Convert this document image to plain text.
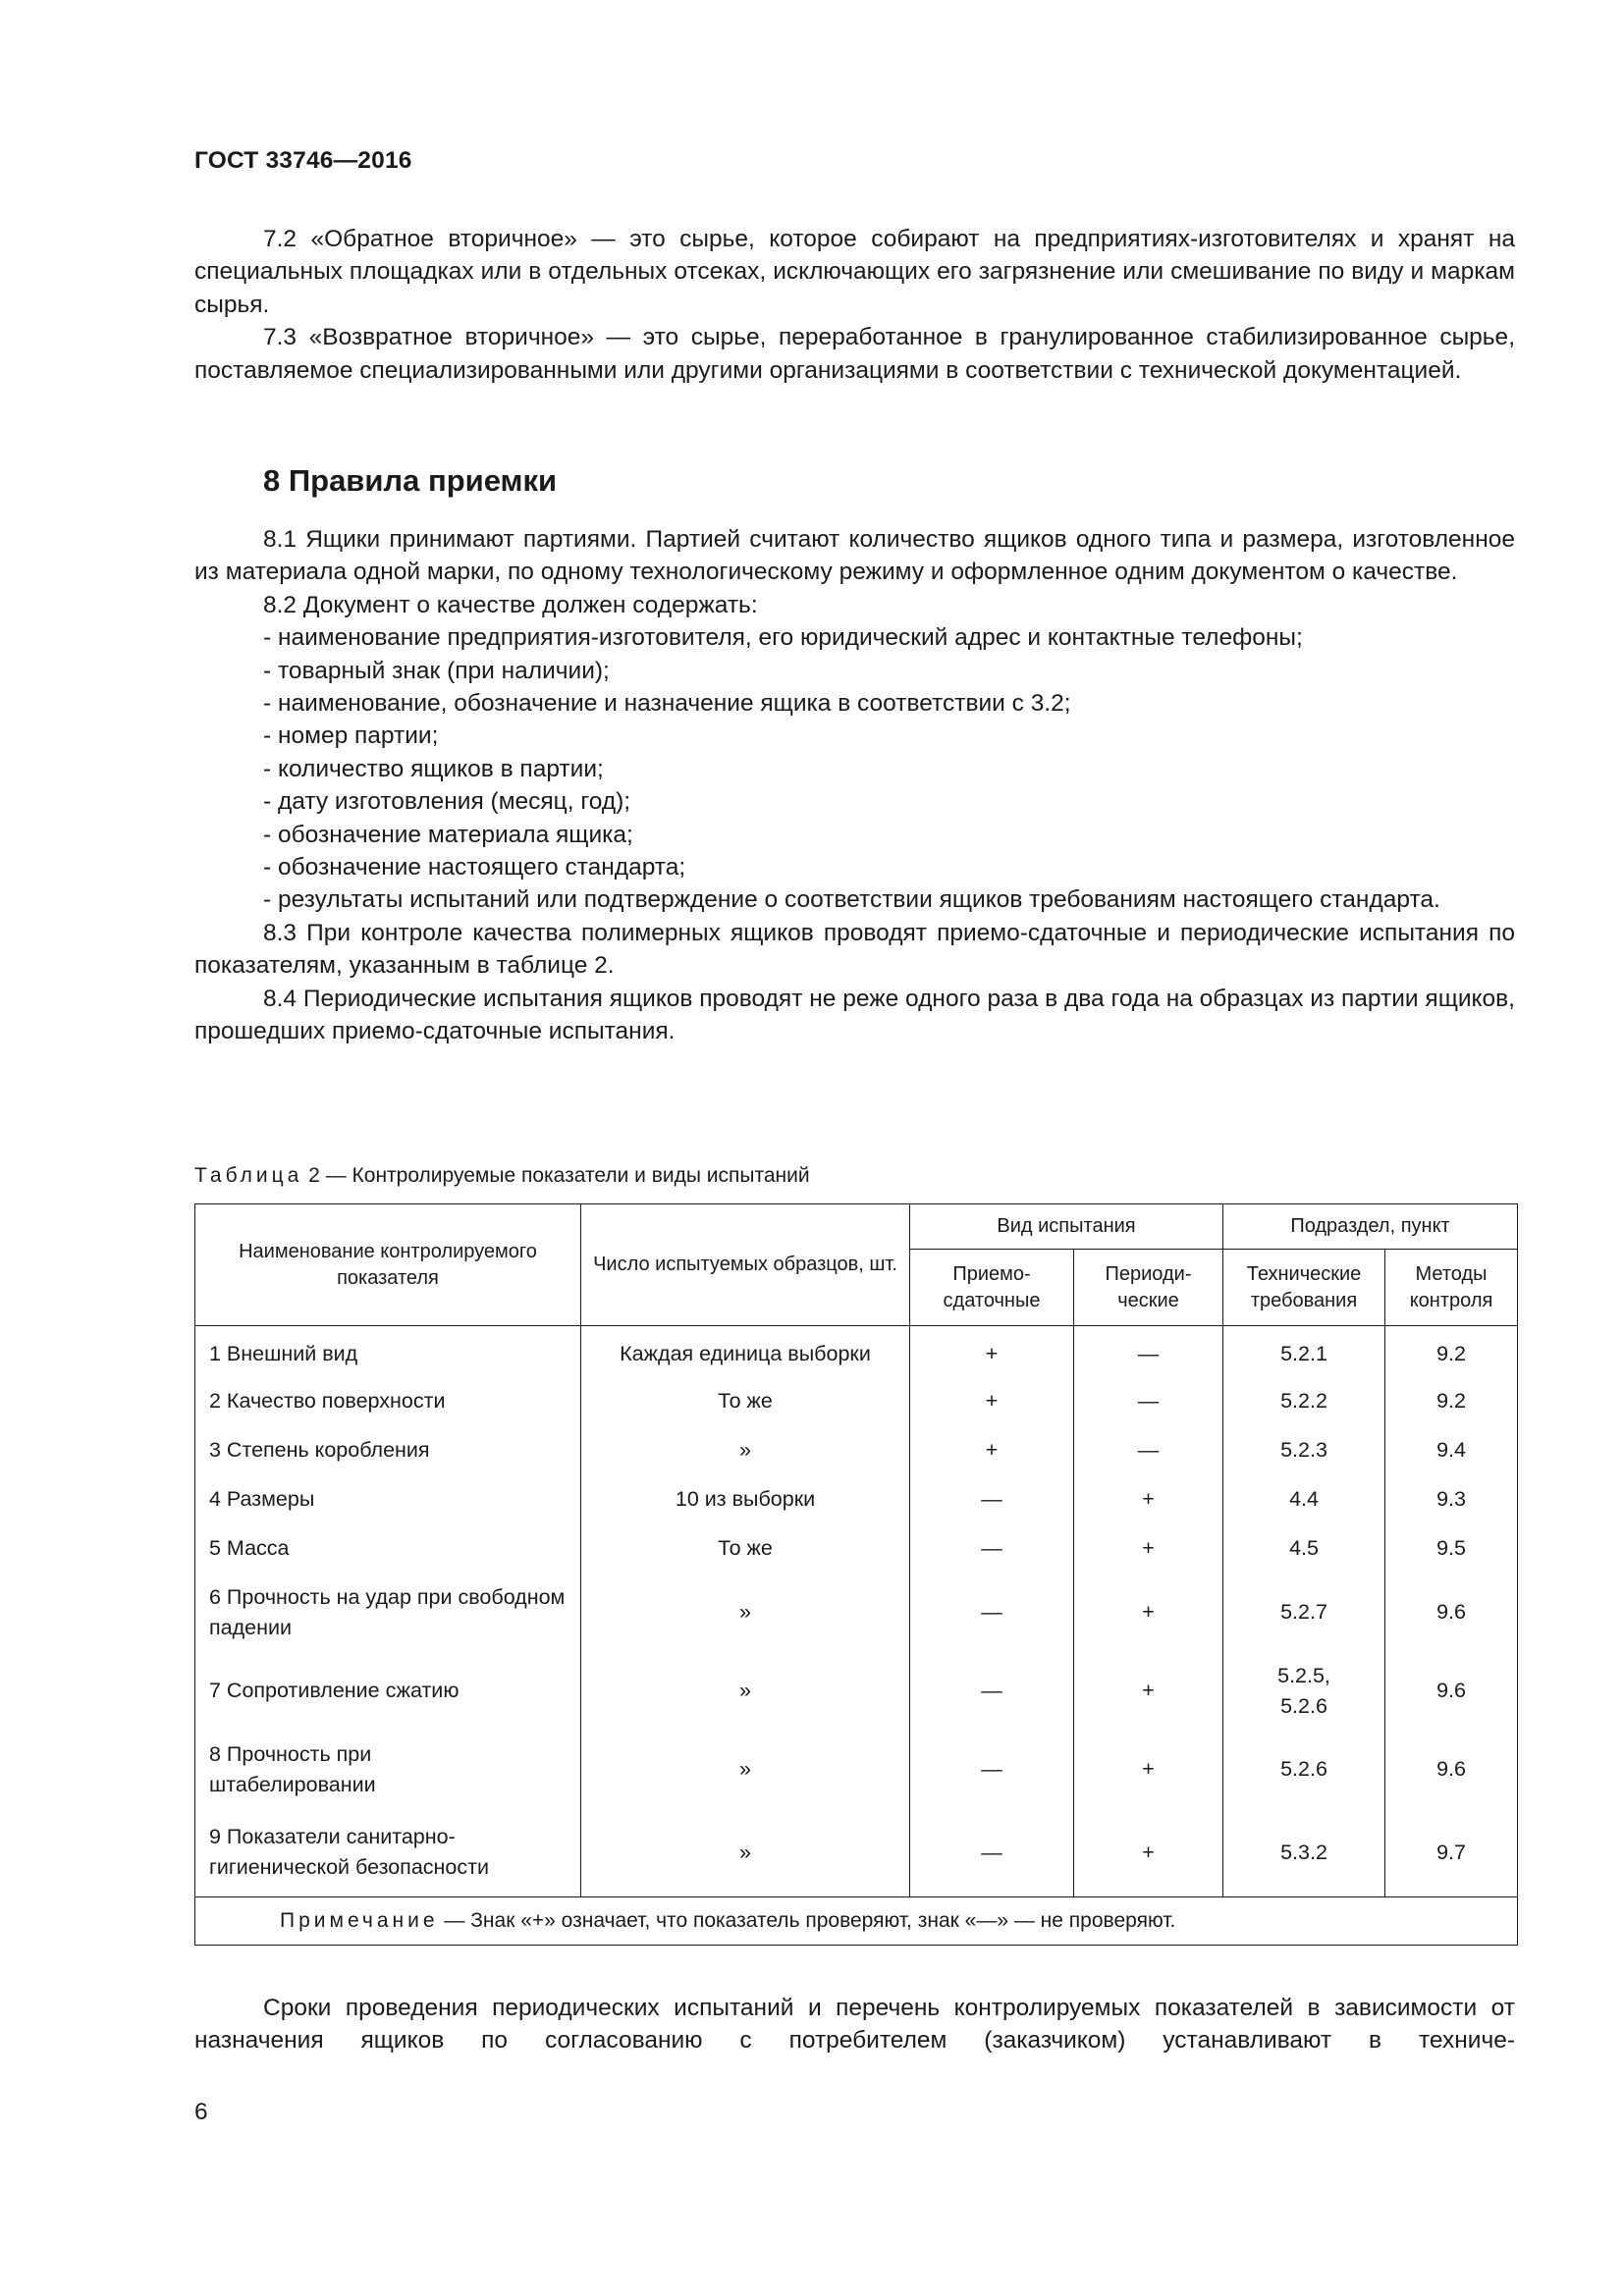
ГОСТ 33746—2016

7.2 «Обратное вторичное» — это сырье, которое собирают на предприятиях-изготовителях и хранят на специальных площадках или в отдельных отсеках, исключающих его загрязнение или смешивание по виду и маркам сырья.

7.3 «Возвратное вторичное» — это сырье, переработанное в гранулированное стабилизированное сырье, поставляемое специализированными или другими организациями в соответствии с технической документацией.

8 Правила приемки

8.1 Ящики принимают партиями. Партией считают количество ящиков одного типа и размера, изготовленное из материала одной марки, по одному технологическому режиму и оформленное одним документом о качестве.

8.2 Документ о качестве должен содержать:

- наименование предприятия-изготовителя, его юридический адрес и контактные телефоны;

- товарный знак (при наличии);

- наименование, обозначение и назначение ящика в соответствии с 3.2;

- номер партии;

- количество ящиков в партии;

- дату изготовления (месяц, год);

- обозначение материала ящика;

- обозначение настоящего стандарта;

- результаты испытаний или подтверждение о соответствии ящиков требованиям настоящего стандарта.

8.3 При контроле качества полимерных ящиков проводят приемо-сдаточные и периодические испытания по показателям, указанным в таблице 2.

8.4 Периодические испытания ящиков проводят не реже одного раза в два года на образцах из партии ящиков, прошедших приемо-сдаточные испытания.

Таблица 2 — Контролируемые показатели и виды испытаний
Наименование контролируемого показателя	Число испытуемых образцов, шт.	Вид испытания		Подраздел, пункт	
		Приемо-сдаточные	Периоди-ческие	Технические требования	Методы контроля
1 Внешний вид	Каждая единица выборки	+	—	5.2.1	9.2
2 Качество поверхности	То же	+	—	5.2.2	9.2
3 Степень коробления	»	+	—	5.2.3	9.4
4 Размеры	10 из выборки	—	+	4.4	9.3
5 Масса	То же	—	+	4.5	9.5
6 Прочность на удар при свободном падении	»	—	+	5.2.7	9.6
7 Сопротивление сжатию	»	—	+	5.2.5, 5.2.6	9.6
8 Прочность при штабелировании	»	—	+	5.2.6	9.6
9 Показатели санитарно-гигиенической безопасности	»	—	+	5.3.2	9.7
Примечание — Знак «+» означает, что показатель проверяют, знак «—» — не проверяют.					

Сроки проведения периодических испытаний и перечень контролируемых показателей в зависимости от назначения ящиков по согласованию с потребителем (заказчиком) устанавливают в техниче-

6
